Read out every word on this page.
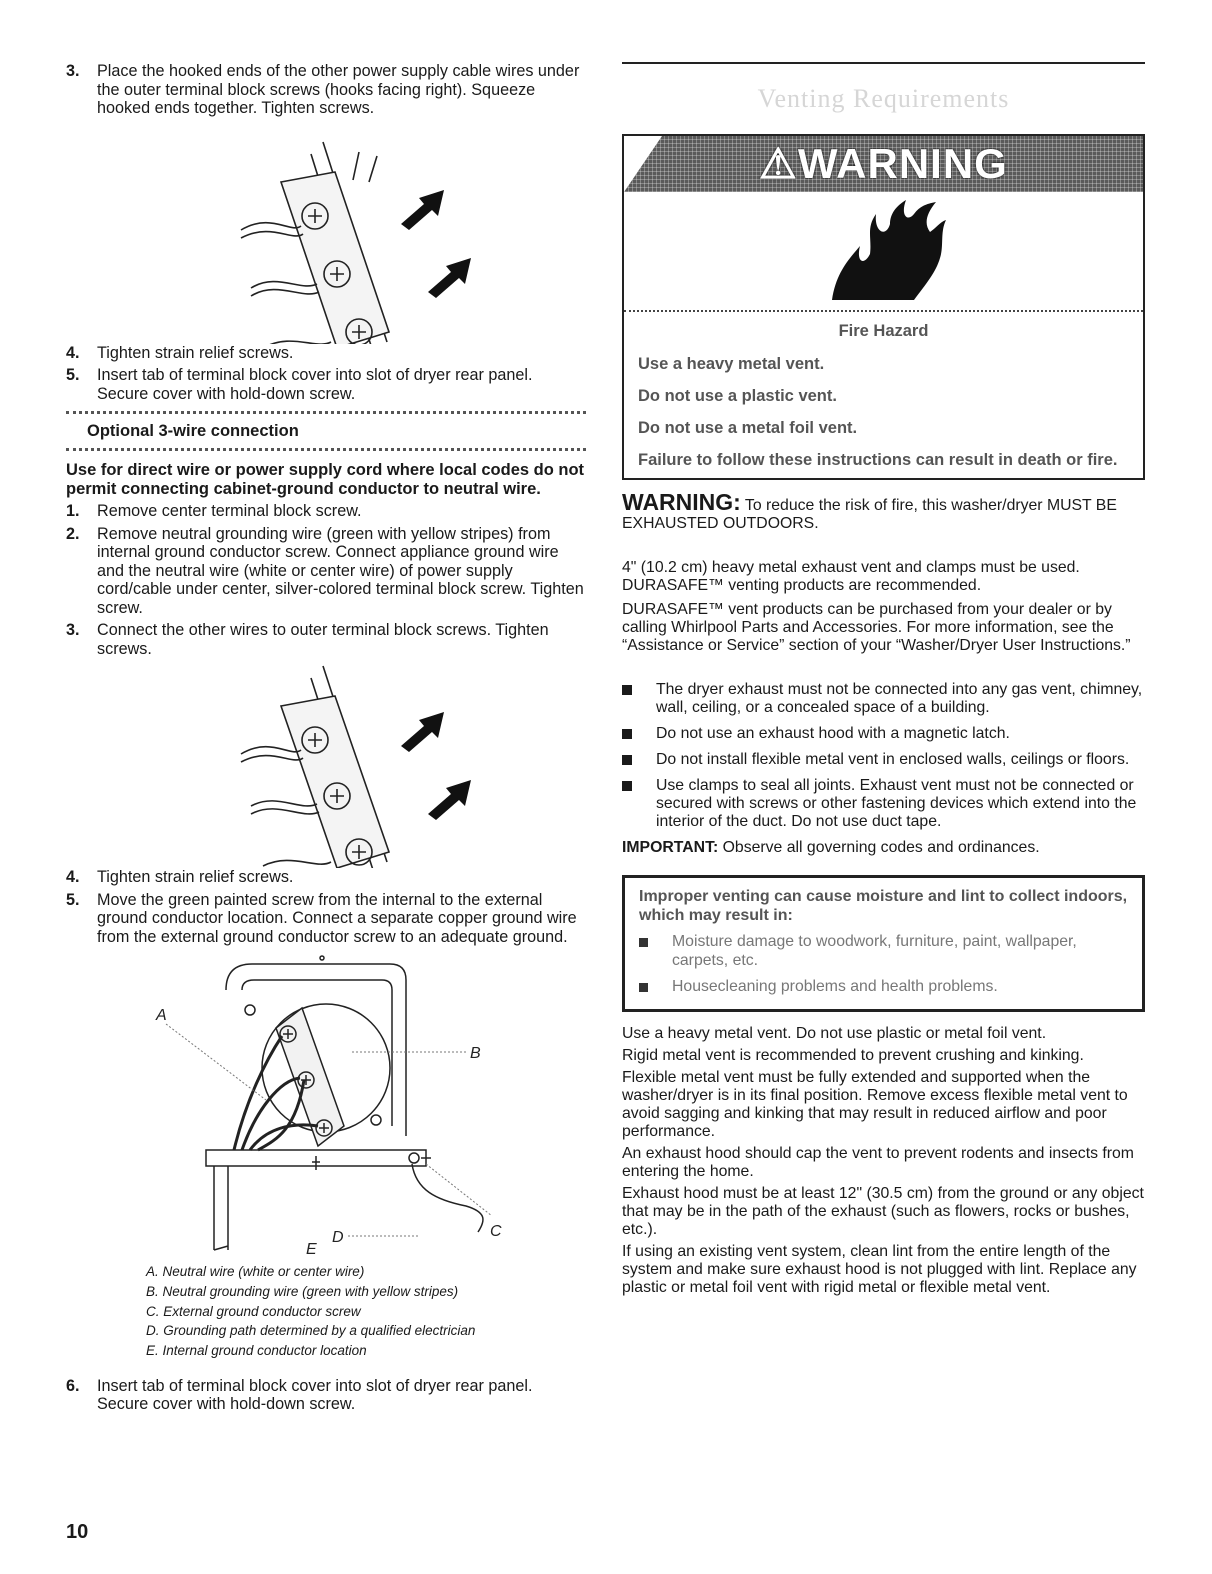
3.	Place the hooked ends of the other power supply cable wires under the outer terminal block screws (hooks facing right). Squeeze hooked ends together. Tighten screws.
4.	Tighten strain relief screws.
5.	Insert tab of terminal block cover into slot of dryer rear panel. Secure cover with hold-down screw.
Optional 3-wire connection

Use for direct wire or power supply cord where local codes do not permit connecting cabinet-ground conductor to neutral wire.

1.	Remove center terminal block screw.
2.	Remove neutral grounding wire (green with yellow stripes) from internal ground conductor screw. Connect appliance ground wire and the neutral wire (white or center wire) of power supply cord/cable under center, silver-colored terminal block screw. Tighten screw.
3.	Connect the other wires to outer terminal block screws. Tighten screws.
4.	Tighten strain relief screws.
5.	Move the green painted screw from the internal to the external ground conductor location. Connect a separate copper ground wire from the external ground conductor screw to an adequate ground.
A
B
C
D
E
A. Neutral wire (white or center wire)
B. Neutral grounding wire (green with yellow stripes)
C. External ground conductor screw
D. Grounding path determined by a qualified electrician
E. Internal ground conductor location
6.	Insert tab of terminal block cover into slot of dryer rear panel. Secure cover with hold-down screw.
10
Venting Requirements
⚠WARNING
Fire Hazard
Use a heavy metal vent.
Do not use a plastic vent.
Do not use a metal foil vent.
Failure to follow these instructions can result in death or fire.

WARNING: To reduce the risk of fire, this washer/dryer MUST BE EXHAUSTED OUTDOORS.

4" (10.2 cm) heavy metal exhaust vent and clamps must be used. DURASAFE™ venting products are recommended.

DURASAFE™ vent products can be purchased from your dealer or by calling Whirlpool Parts and Accessories. For more information, see the “Assistance or Service” section of your “Washer/Dryer User Instructions.”

The dryer exhaust must not be connected into any gas vent, chimney, wall, ceiling, or a concealed space of a building.
Do not use an exhaust hood with a magnetic latch.
Do not install flexible metal vent in enclosed walls, ceilings or floors.
Use clamps to seal all joints. Exhaust vent must not be connected or secured with screws or other fastening devices which extend into the interior of the duct. Do not use duct tape.

IMPORTANT: Observe all governing codes and ordinances.

Improper venting can cause moisture and lint to collect indoors, which may result in:
Moisture damage to woodwork, furniture, paint, wallpaper, carpets, etc.
Housecleaning problems and health problems.

Use a heavy metal vent. Do not use plastic or metal foil vent.

Rigid metal vent is recommended to prevent crushing and kinking.

Flexible metal vent must be fully extended and supported when the washer/dryer is in its final position. Remove excess flexible metal vent to avoid sagging and kinking that may result in reduced airflow and poor performance.

An exhaust hood should cap the vent to prevent rodents and insects from entering the home.

Exhaust hood must be at least 12" (30.5 cm) from the ground or any object that may be in the path of the exhaust (such as flowers, rocks or bushes, etc.).

If using an existing vent system, clean lint from the entire length of the system and make sure exhaust hood is not plugged with lint. Replace any plastic or metal foil vent with rigid metal or flexible metal vent.
